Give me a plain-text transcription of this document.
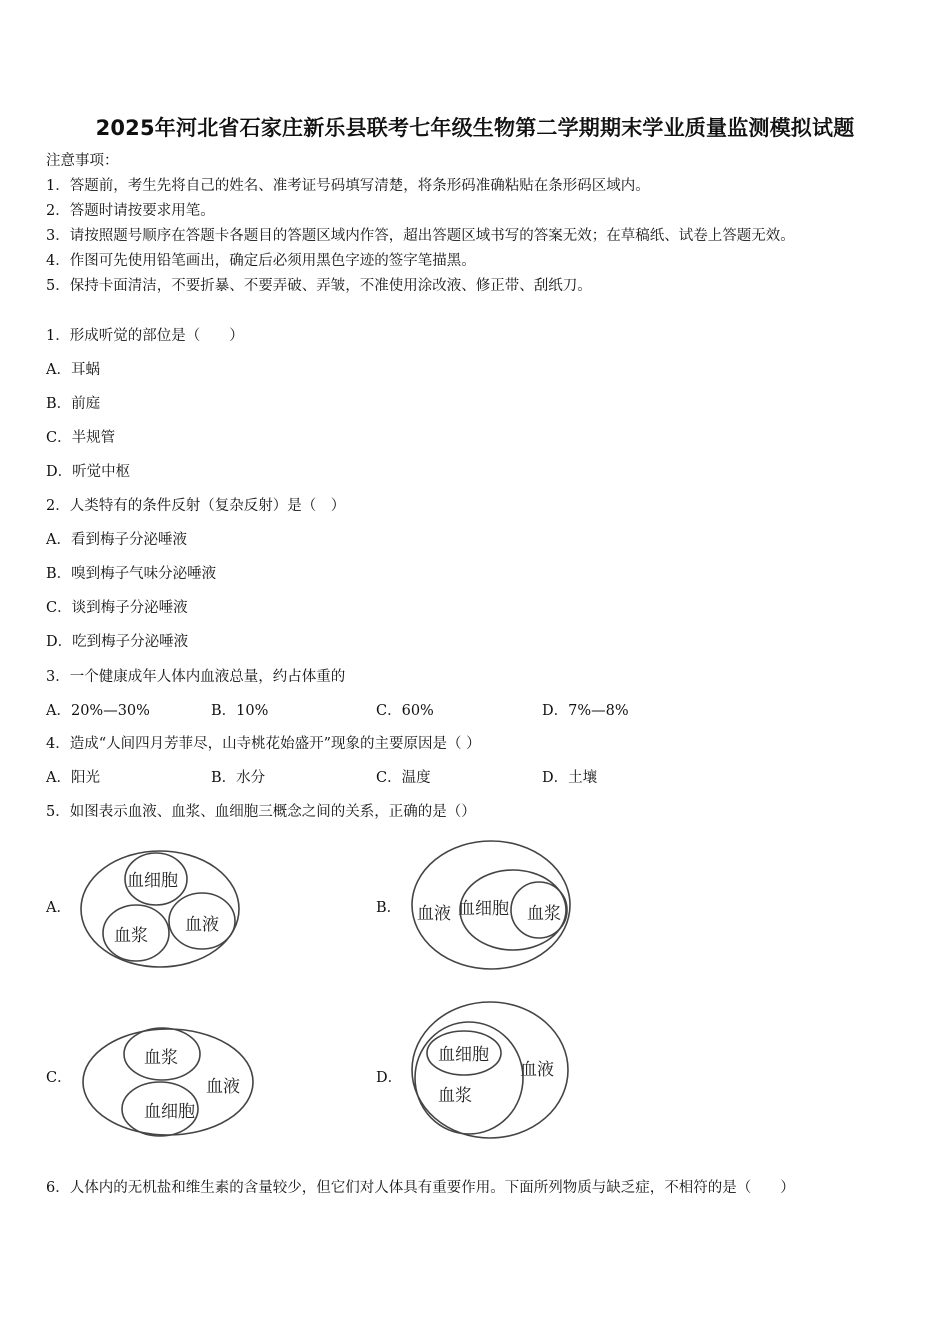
2025年河北省石家庄新乐县联考七年级生物第二学期期末学业质量监测模拟试题
注意事项：
1．答题前，考生先将自己的姓名、准考证号码填写清楚，将条形码准确粘贴在条形码区域内。
2．答题时请按要求用笔。
3．请按照题号顺序在答题卡各题目的答题区域内作答，超出答题区域书写的答案无效；在草稿纸、试卷上答题无效。
4．作图可先使用铅笔画出，确定后必须用黑色字迹的签字笔描黑。
5．保持卡面清洁，不要折暴、不要弄破、弄皱，不准使用涂改液、修正带、刮纸刀。
1．形成听觉的部位是（　　）
A．耳蜗
B．前庭
C．半规管
D．听觉中枢
2．人类特有的条件反射（复杂反射）是（　）
A．看到梅子分泌唾液
B．嗅到梅子气味分泌唾液
C．谈到梅子分泌唾液
D．吃到梅子分泌唾液
3．一个健康成年人体内血液总量，约占体重的
A．20%—30%	B．10%	C．60%	D．7%—8%
4．造成“人间四月芳菲尽，山寺桃花始盛开”现象的主要原因是（ ）
A．阳光	B．水分	C．温度	D．土壤
5．如图表示血液、血浆、血细胞三概念之间的关系，正确的是（）
A．	B．
C．	D．
血细胞
血浆
血液
血液 血细胞 血浆
血浆
血液
血细胞
血细胞
血液
血浆
6．人体内的无机盐和维生素的含量较少，但它们对人体具有重要作用。下面所列物质与缺乏症，不相符的是（　　）
